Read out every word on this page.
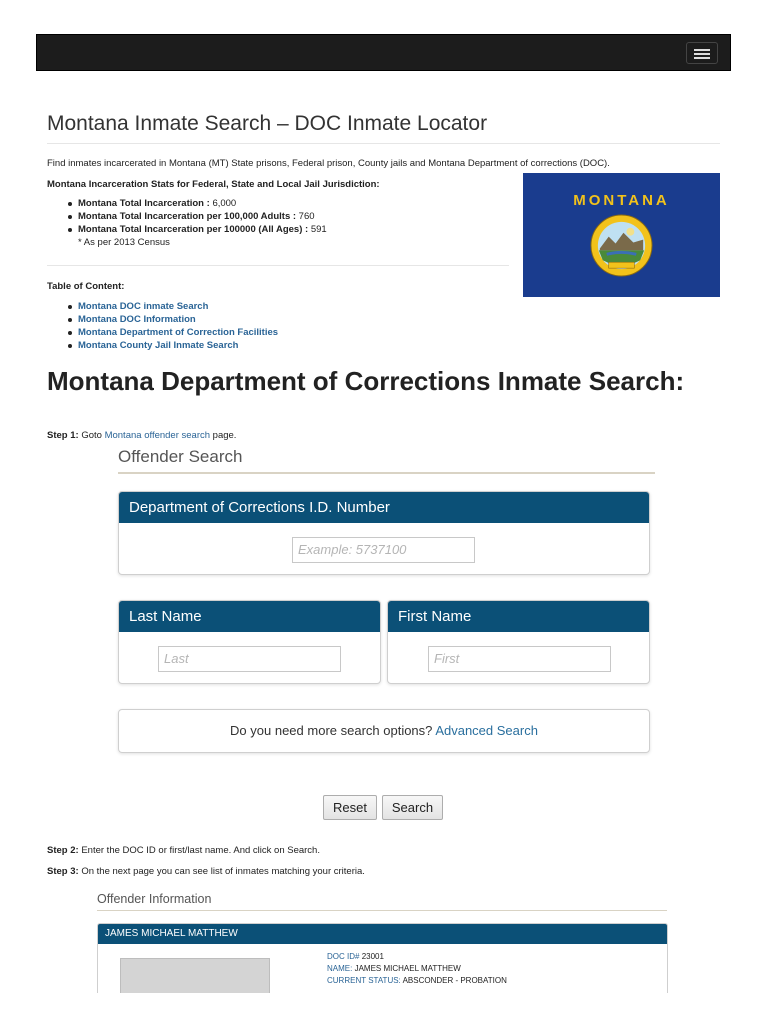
Montana Inmate Search – DOC Inmate Locator

Find inmates incarcerated in Montana (MT) State prisons, Federal prison, County jails and Montana Department of corrections (DOC).

Montana Incarceration Stats for Federal, State and Local Jail Jurisdiction:

Montana Total Incarceration : 6,000
Montana Total Incarceration per 100,000 Adults : 760
Montana Total Incarceration per 100000 (All Ages) : 591
* As per 2013 Census
MONTANA

Table of Content:

Montana DOC inmate Search
Montana DOC Information
Montana Department of Correction Facilities
Montana County Jail Inmate Search
Montana Department of Corrections Inmate Search:

Step 1: Goto Montana offender search page.

Offender Search
Department of Corrections I.D. Number
Example: 5737100
Last Name
Last
First Name
First
Do you need more search options? Advanced Search
Reset	Search

Step 2: Enter the DOC ID or first/last name. And click on Search.

Step 3: On the next page you can see list of inmates matching your criteria.

Offender Information
JAMES MICHAEL MATTHEW
DOC ID# 23001
NAME: JAMES MICHAEL MATTHEW
CURRENT STATUS: ABSCONDER - PROBATION
